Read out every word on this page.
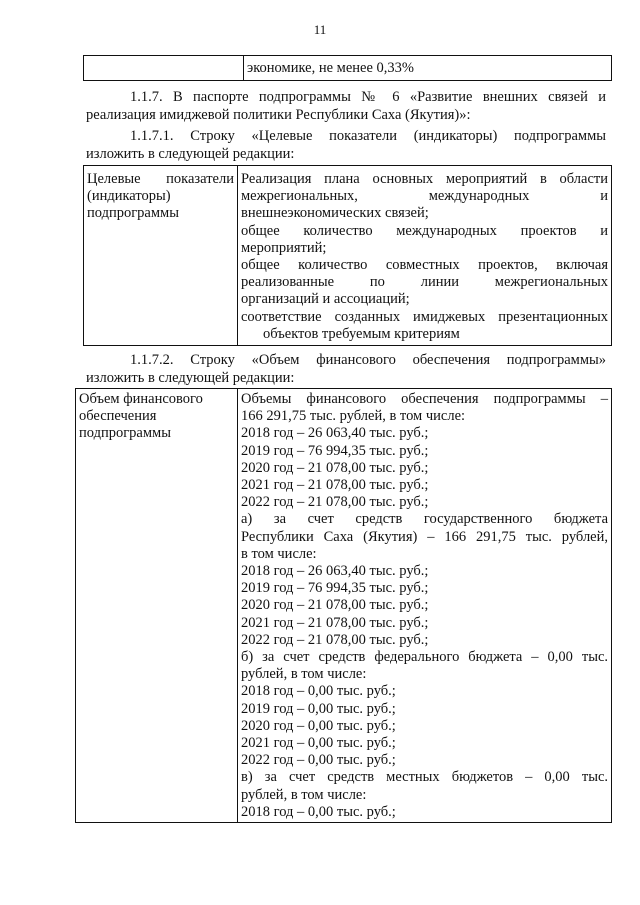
11

экономике, не менее 0,33%
1.1.7. В паспорте подпрограммы № 6 «Развитие внешних связей и
реализация имиджевой политики Республики Саха (Якутия)»:
1.1.7.1. Строку «Целевые показатели (индикаторы) подпрограммы
изложить в следующей редакции:
Целевые показатели
(индикаторы)
подпрограммы

Реализация плана основных мероприятий в области
межрегиональных, международных и
внешнеэкономических связей;
общее количество международных проектов и
мероприятий;
общее количество совместных проектов, включая
реализованные по линии межрегиональных
организаций и ассоциаций;
соответствие созданных имиджевых презентационных
объектов требуемым критериям
1.1.7.2. Строку «Объем финансового обеспечения подпрограммы»
изложить в следующей редакции:
Объем финансового
обеспечения
подпрограммы

Объемы финансового обеспечения подпрограммы –
166 291,75 тыс. рублей, в том числе:
2018 год – 26 063,40 тыс. руб.;
2019 год – 76 994,35 тыс. руб.;
2020 год – 21 078,00 тыс. руб.;
2021 год – 21 078,00 тыс. руб.;
2022 год – 21 078,00 тыс. руб.;
а) за счет средств государственного бюджета
Республики Саха (Якутия) – 166 291,75 тыс. рублей,
в том числе:
2018 год – 26 063,40 тыс. руб.;
2019 год – 76 994,35 тыс. руб.;
2020 год – 21 078,00 тыс. руб.;
2021 год – 21 078,00 тыс. руб.;
2022 год – 21 078,00 тыс. руб.;
б) за счет средств федерального бюджета – 0,00 тыс.
рублей, в том числе:
2018 год – 0,00 тыс. руб.;
2019 год – 0,00 тыс. руб.;
2020 год – 0,00 тыс. руб.;
2021 год – 0,00 тыс. руб.;
2022 год – 0,00 тыс. руб.;
в) за счет средств местных бюджетов – 0,00 тыс.
рублей, в том числе:
2018 год – 0,00 тыс. руб.;
